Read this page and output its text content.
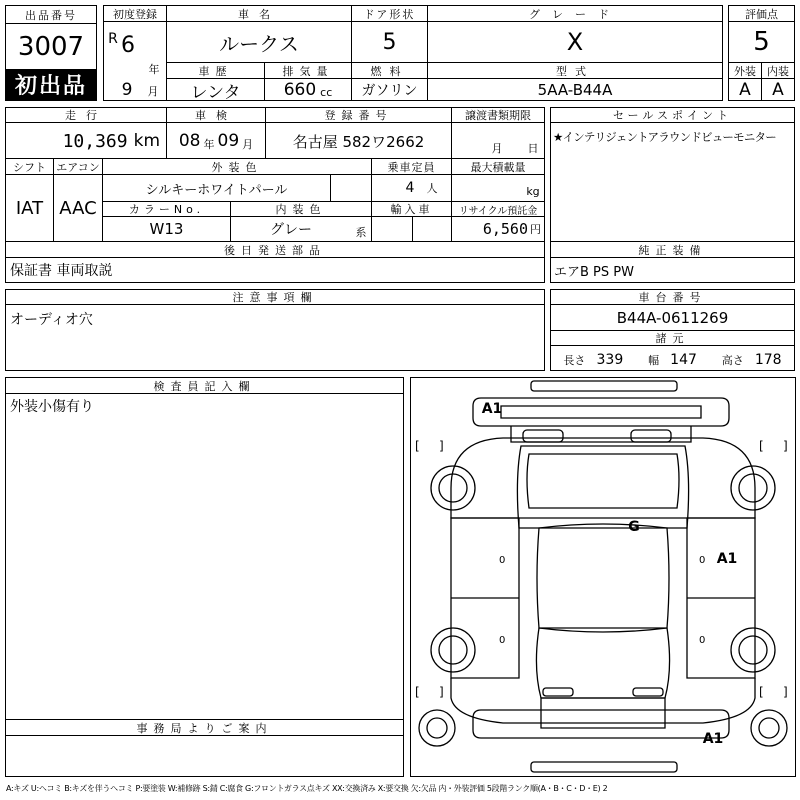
出品番号
3007
初出品
初度登録
R 6
年
9	月
車名
ルークス
ドア形状
5
グレード
X
車歴
レンタ
排気量
660 cc
燃料
ガソリン
型式
5AA-B44A
評価点
5
外装	内装
A	A
走行
10,369 km
車検
08 年 09 月
登録番号
名古屋 582ワ2662
譲渡書類期限
月 日
シフト
IAT
エアコン
AAC
外装色
シルキーホワイトパール
乗車定員
4 人
最大積載量
kg
カラーNo.
W13
内装色
グレー	系
輸入車	リサイクル預託金
6,560 円
後日発送部品
保証書 車両取説
セールスポイント
★インテリジェントアラウンドビューモニター
純正装備
エアB PS PW
注意事項欄
オーディオ穴
車台番号
B44A-0611269
諸元
長さ 339 幅 147 高さ 178
検査員記入欄
外装小傷有り
事務局よりご案内
[ ]	[ ]
0
0
0
0
[ ]	[ ]
A1
G
A1
A1
A:キズ U:ヘコミ B:キズを伴うヘコミ P:要塗装 W:補修跡 S:錆 C:腐食 G:フロントガラス点キズ XX:交換済み X:要交換 欠:欠品 内・外装評価 5段階ランク順(A・B・C・D・E) 2
